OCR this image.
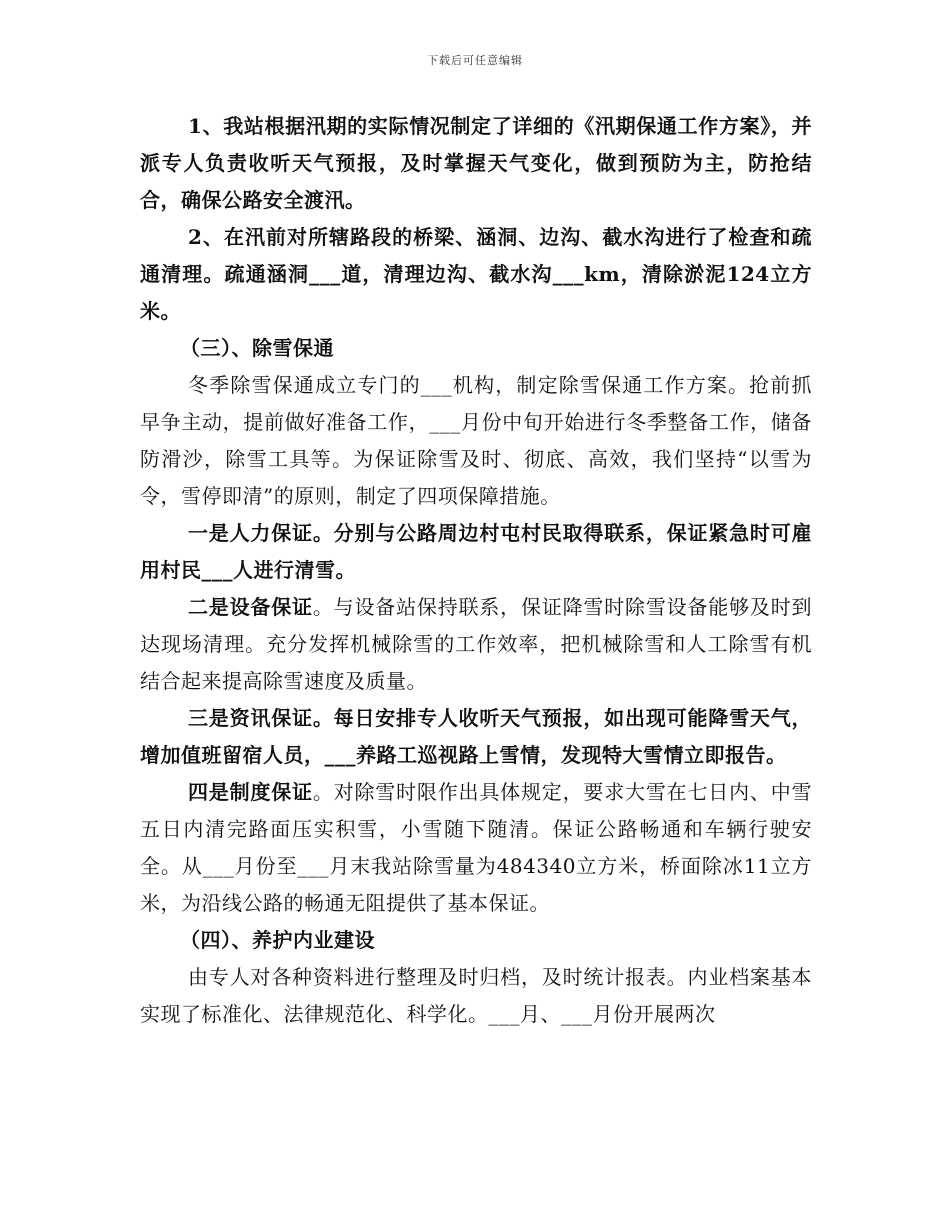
下载后可任意编辑

1、我站根据汛期的实际情况制定了详细的《汛期保通工作方案》，并派专人负责收听天气预报，及时掌握天气变化，做到预防为主，防抢结合，确保公路安全渡汛。

2、在汛前对所辖路段的桥梁、涵洞、边沟、截水沟进行了检查和疏通清理。疏通涵洞___道，清理边沟、截水沟___km，清除淤泥124立方米。

（三）、除雪保通

冬季除雪保通成立专门的___机构，制定除雪保通工作方案。抢前抓早争主动，提前做好准备工作，___月份中旬开始进行冬季整备工作，储备防滑沙，除雪工具等。为保证除雪及时、彻底、高效，我们坚持“以雪为令，雪停即清”的原则，制定了四项保障措施。

一是人力保证。分别与公路周边村屯村民取得联系，保证紧急时可雇用村民___人进行清雪。

二是设备保证。与设备站保持联系，保证降雪时除雪设备能够及时到达现场清理。充分发挥机械除雪的工作效率，把机械除雪和人工除雪有机结合起来提高除雪速度及质量。

三是资讯保证。每日安排专人收听天气预报，如出现可能降雪天气，增加值班留宿人员，___养路工巡视路上雪情，发现特大雪情立即报告。

四是制度保证。对除雪时限作出具体规定，要求大雪在七日内、中雪五日内清完路面压实积雪，小雪随下随清。保证公路畅通和车辆行驶安全。从___月份至___月末我站除雪量为484340立方米，桥面除冰11立方米，为沿线公路的畅通无阻提供了基本保证。

（四）、养护内业建设

由专人对各种资料进行整理及时归档，及时统计报表。内业档案基本实现了标准化、法律规范化、科学化。___月、___月份开展两次
